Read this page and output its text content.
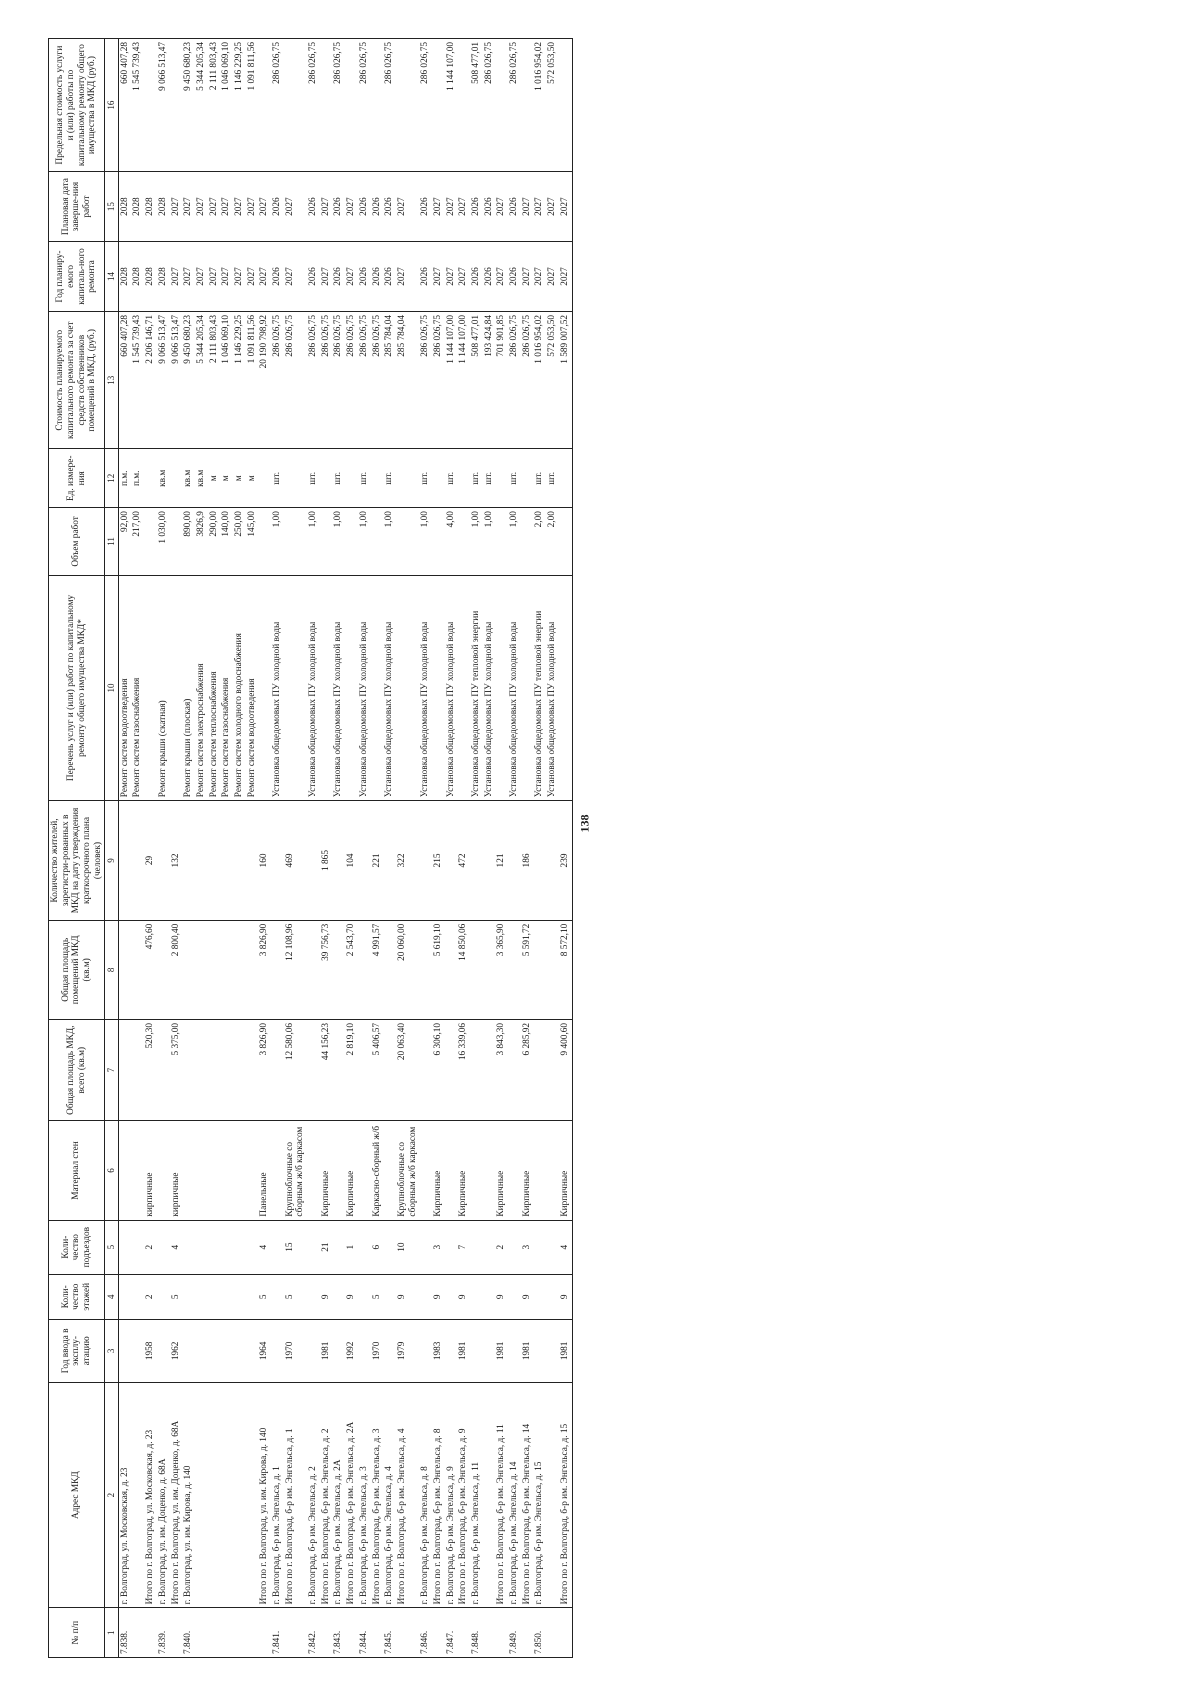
138
№ п/п	Адрес МКД	Год ввода в эксплу-атацию	Коли-чество этажей	Коли-чество подъездов	Материал стен	Общая площадь МКД, всего (кв.м)	Общая площадь помещений МКД (кв.м)	Количество жителей, зарегистри-рованных в МКД на дату утверждения краткосрочного плана (человек)	Перечень услуг и (или) работ по капитальному ремонту общего имущества МКД*	Объем работ	Ед. измере-ния	Стоимость планируемого капитального ремонта за счет средств собственников помещений в МКД, (руб.)	Год планиру-емого капиталь-ного ремонта	Плановая дата заверше-ния работ	Предельная стоимость услуги и (или) работы по капитальному ремонту общего имущества в МКД (руб.)
1	2	3	4	5	6	7	8	9	10	11	12	13	14	15	16
7.838.	г. Волгоград, ул. Московская, д. 23								Ремонт систем водоотведения	92,00	п.м.	660 407,28	2028	2028	660 407,28
									Ремонт систем газоснабжения	217,00	п.м.	1 545 739,43	2028	2028	1 545 739,43
	Итого по г. Волгоград, ул. Московская, д. 23	1958	2	2	кирпичные	520,30	476,60	29				2 206 146,71	2028	2028	
7.839.	г. Волгоград, ул. им. Доценко, д. 68А								Ремонт крыши (скатная)	1 030,00	кв.м	9 066 513,47	2028	2028	9 066 513,47
	Итого по г. Волгоград, ул. им. Доценко, д. 68А	1962	5	4	кирпичные	5 375,00	2 800,40	132				9 066 513,47	2027	2027	
7.840.	г. Волгоград, ул. им. Кирова, д. 140								Ремонт крыши (плоская)	890,00	кв.м	9 450 680,23	2027	2027	9 450 680,23
									Ремонт систем электроснабжения	3826,9	кв.м	5 344 205,34	2027	2027	5 344 205,34
									Ремонт систем теплоснабжения	290,00	м	2 111 803,43	2027	2027	2 111 803,43
									Ремонт систем газоснабжения	140,00	м	1 046 069,10	2027	2027	1 046 069,10
									Ремонт систем холодного водоснабжения	250,00	м	1 146 229,25	2027	2027	1 146 229,25
									Ремонт систем водоотведения	145,00	м	1 091 811,56	2027	2027	1 091 811,56
	Итого по г. Волгоград, ул. им. Кирова, д. 140	1964	5	4	Панельные	3 826,90	3 826,90	160				20 190 798,92	2027	2027	
7.841.	г. Волгоград, б-р им. Энгельса, д. 1								Установка общедомовых ПУ холодной воды	1,00	шт.	286 026,75	2026	2026	286 026,75
	Итого по г. Волгоград, б-р им. Энгельса, д. 1	1970	5	15	Крупноблочные со сборным ж/б каркасом	12 580,06	12 108,96	469				286 026,75	2027	2027	
7.842.	г. Волгоград, б-р им. Энгельса, д. 2								Установка общедомовых ПУ холодной воды	1,00	шт.	286 026,75	2026	2026	286 026,75
	Итого по г. Волгоград, б-р им. Энгельса, д. 2	1981	9	21	Кирпичные	44 156,23	39 756,73	1 865				286 026,75	2027	2027	
7.843.	г. Волгоград, б-р им. Энгельса, д. 2А								Установка общедомовых ПУ холодной воды	1,00	шт.	286 026,75	2026	2026	286 026,75
	Итого по г. Волгоград, б-р им. Энгельса, д. 2А	1992	9	1	Кирпичные	2 819,10	2 543,70	104				286 026,75	2027	2027	
7.844.	г. Волгоград, б-р им. Энгельса, д. 3								Установка общедомовых ПУ холодной воды	1,00	шт.	286 026,75	2026	2026	286 026,75
	Итого по г. Волгоград, б-р им. Энгельса, д. 3	1970	5	6	Каркасно-сборный ж/б	5 406,57	4 991,57	221				286 026,75	2026	2026	
7.845.	г. Волгоград, б-р им. Энгельса, д. 4								Установка общедомовых ПУ холодной воды	1,00	шт.	285 784,04	2026	2026	286 026,75
	Итого по г. Волгоград, б-р им. Энгельса, д. 4	1979	9	10	Крупноблочные со сборным ж/б каркасом	20 063,40	20 060,00	322				285 784,04	2027	2027	
7.846.	г. Волгоград, б-р им. Энгельса, д. 8								Установка общедомовых ПУ холодной воды	1,00	шт.	286 026,75	2026	2026	286 026,75
	Итого по г. Волгоград, б-р им. Энгельса, д. 8	1983	9	3	Кирпичные	6 306,10	5 619,10	215				286 026,75	2027	2027	
7.847.	г. Волгоград, б-р им. Энгельса, д. 9								Установка общедомовых ПУ холодной воды	4,00	шт.	1 144 107,00	2027	2027	1 144 107,00
	Итого по г. Волгоград, б-р им. Энгельса, д. 9	1981	9	7	Кирпичные	16 339,06	14 850,06	472				1 144 107,00	2027	2027	
7.848.	г. Волгоград, б-р им. Энгельса, д. 11								Установка общедомовых ПУ тепловой энергии	1,00	шт.	508 477,01	2026	2026	508 477,01
									Установка общедомовых ПУ холодной воды	1,00	шт.	193 424,84	2026	2026	286 026,75
	Итого по г. Волгоград, б-р им. Энгельса, д. 11	1981	9	2	Кирпичные	3 843,30	3 365,90	121				701 901,85	2027	2027	
7.849.	г. Волгоград, б-р им. Энгельса, д. 14								Установка общедомовых ПУ холодной воды	1,00	шт.	286 026,75	2026	2026	286 026,75
	Итого по г. Волгоград, б-р им. Энгельса, д. 14	1981	9	3	Кирпичные	6 285,92	5 591,72	186				286 026,75	2027	2027	
7.850.	г. Волгоград, б-р им. Энгельса, д. 15								Установка общедомовых ПУ тепловой энергии	2,00	шт.	1 016 954,02	2027	2027	1 016 954,02
									Установка общедомовых ПУ холодной воды	2,00	шт.	572 053,50	2027	2027	572 053,50
	Итого по г. Волгоград, б-р им. Энгельса, д. 15	1981	9	4	Кирпичные	9 400,60	8 572,10	239				1 589 007,52	2027	2027	
